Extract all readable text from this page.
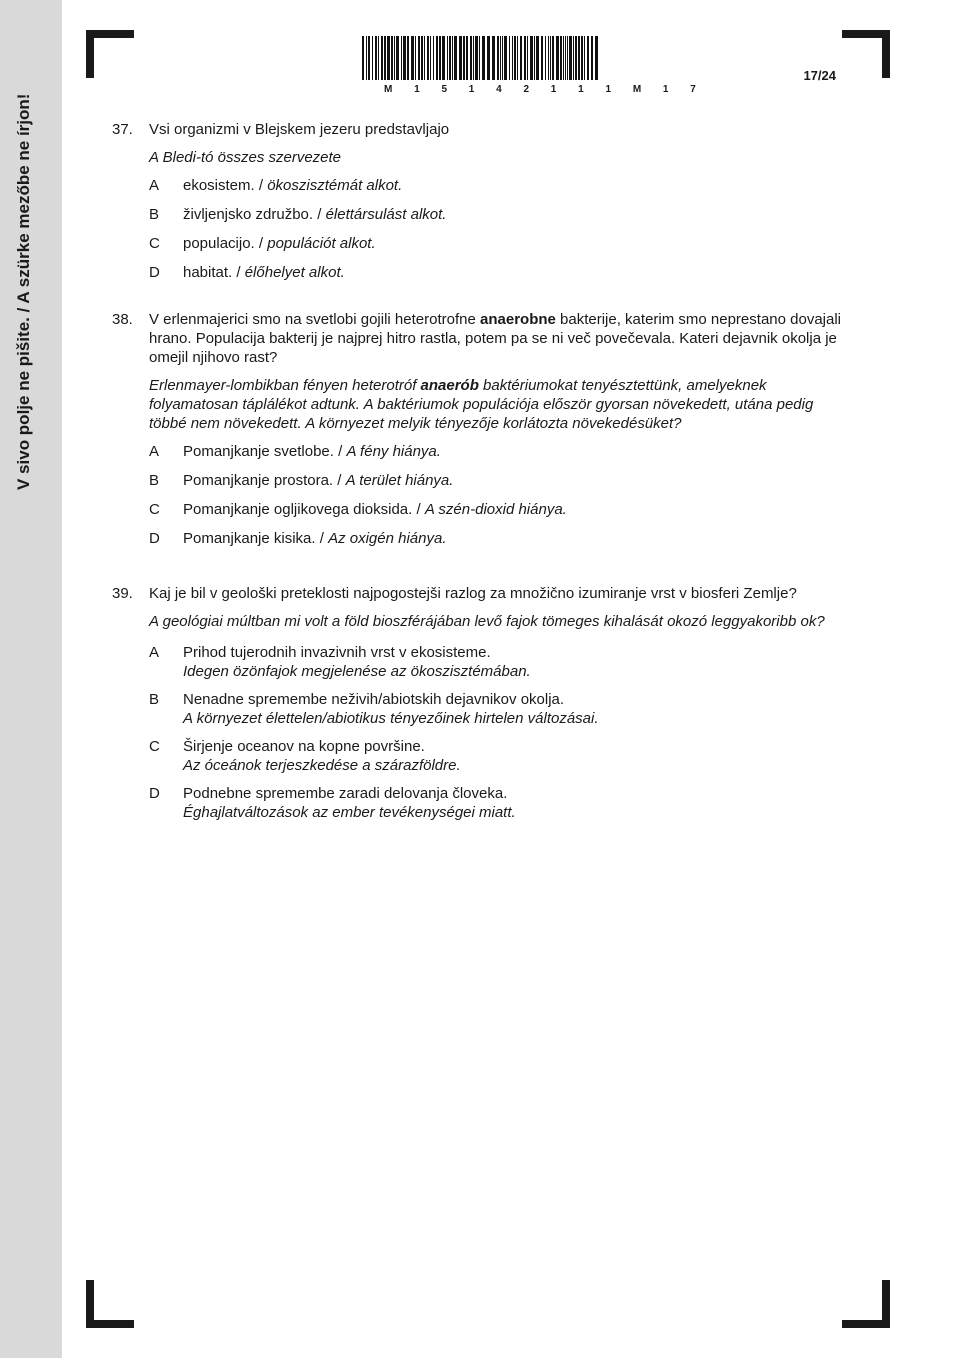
V sivo polje ne pišite. / A szürke mezőbe ne írjon!
M 1 5 1 4 2 1 1 1 M 1 7
17/24
37.	Vsi organizmi v Blejskem jezeru predstavljajo
A Bledi-tó összes szervezete
A	ekosistem. / ökoszisztémát alkot.
B	življenjsko združbo. / élettársulást alkot.
C	populacijo. / populációt alkot.
D	habitat. / élőhelyet alkot.
38.	V erlenmajerici smo na svetlobi gojili heterotrofne anaerobne bakterije, katerim smo neprestano dovajali hrano. Populacija bakterij je najprej hitro rastla, potem pa se ni več povečevala. Kateri dejavnik okolja je omejil njihovo rast?
Erlenmayer-lombikban fényen heterotróf anaerób baktériumokat tenyésztettünk, amelyeknek folyamatosan táplálékot adtunk. A baktériumok populációja először gyorsan növekedett, utána pedig többé nem növekedett. A környezet melyik tényezője korlátozta növekedésüket?
A	Pomanjkanje svetlobe. / A fény hiánya.
B	Pomanjkanje prostora. / A terület hiánya.
C	Pomanjkanje ogljikovega dioksida. / A szén-dioxid hiánya.
D	Pomanjkanje kisika. / Az oxigén hiánya.
39.	Kaj je bil v geološki preteklosti najpogostejši razlog za množično izumiranje vrst v biosferi Zemlje?
A geológiai múltban mi volt a föld bioszférájában levő fajok tömeges kihalását okozó leggyakoribb ok?
A	Prihod tujerodnih invazivnih vrst v ekosisteme.
Idegen özönfajok megjelenése az ökoszisztémában.
B	Nenadne spremembe neživih/abiotskih dejavnikov okolja.
A környezet élettelen/abiotikus tényezőinek hirtelen változásai.
C	Širjenje oceanov na kopne površine.
Az óceánok terjeszkedése a szárazföldre.
D	Podnebne spremembe zaradi delovanja človeka.
Éghajlatváltozások az ember tevékenységei miatt.
